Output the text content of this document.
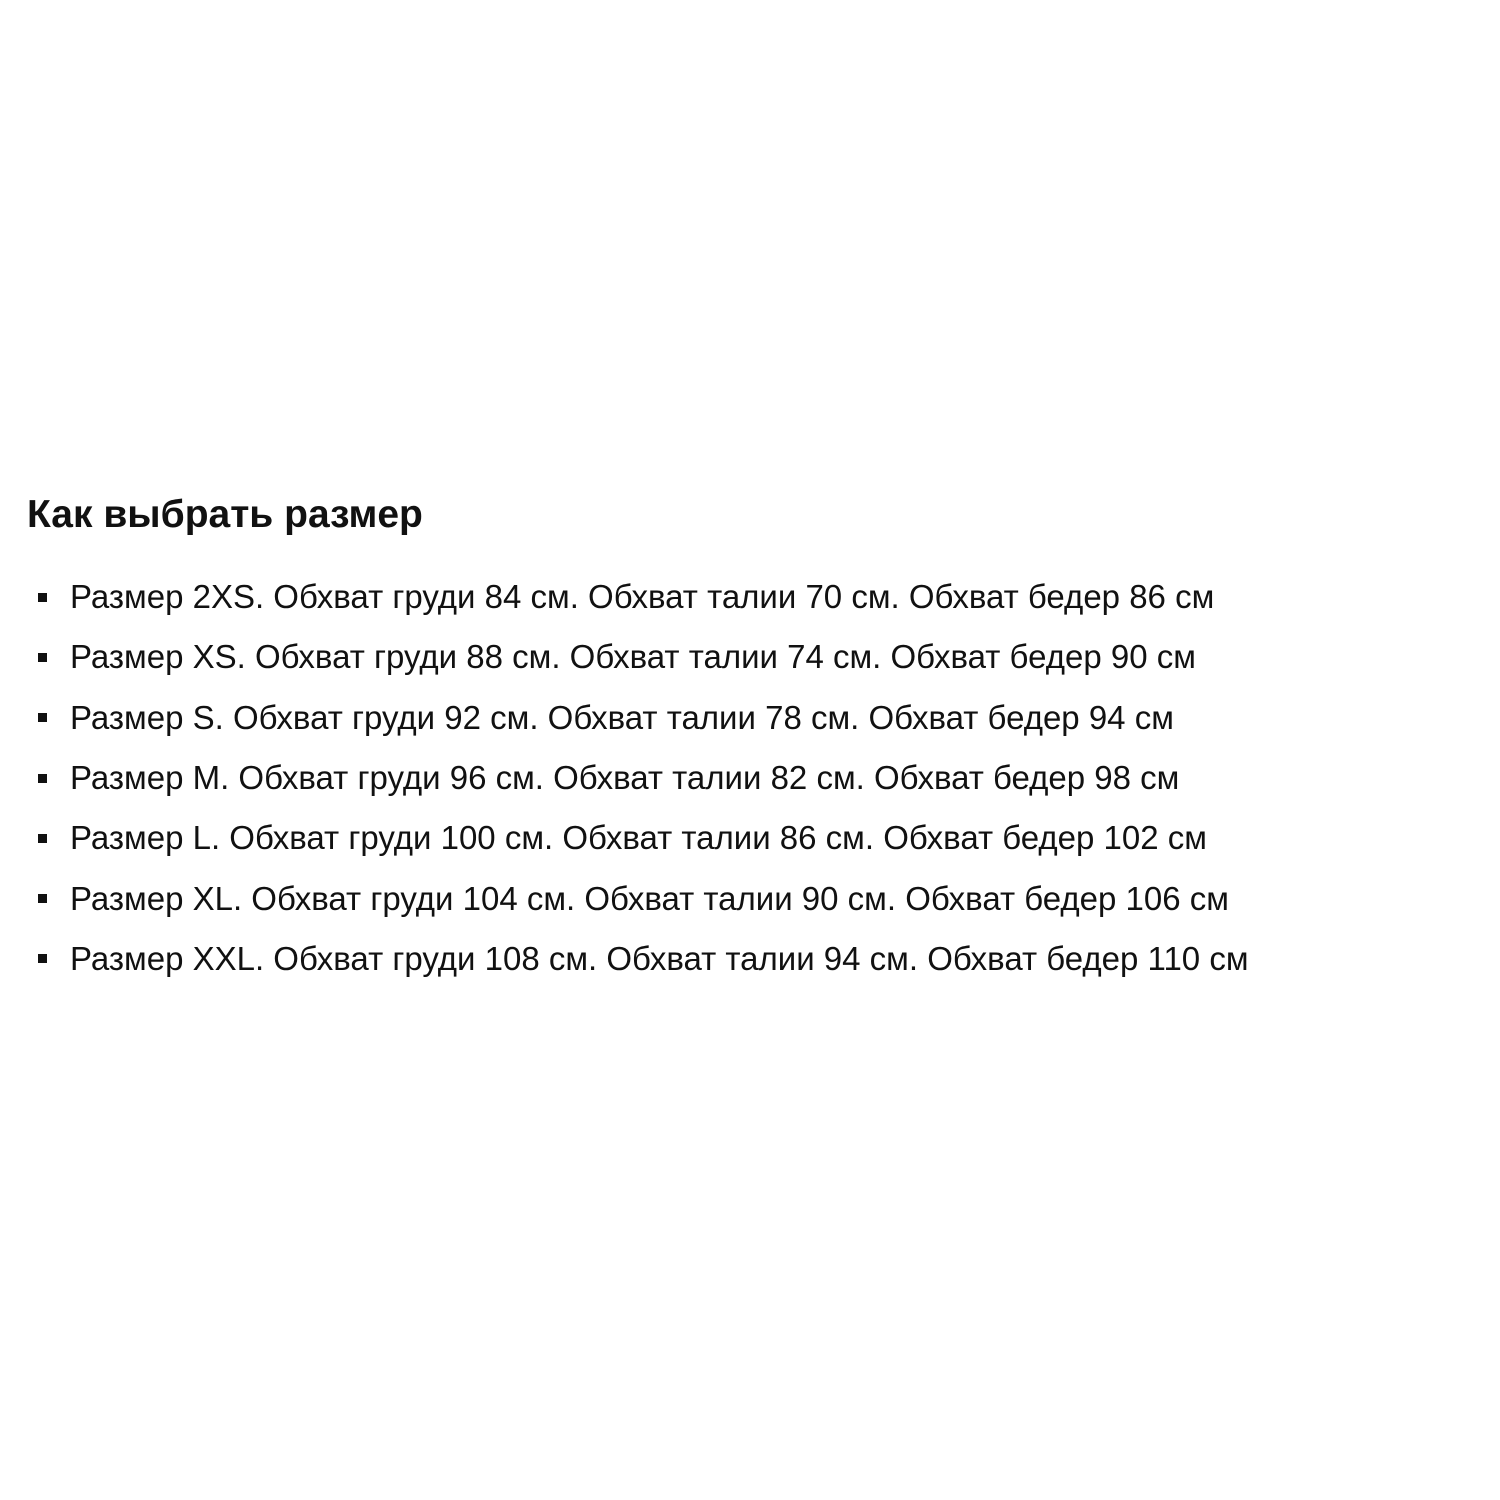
Как выбрать размер
Размер 2XS. Обхват груди 84 см. Обхват талии 70 см. Обхват бедер 86 см
Размер XS. Обхват груди 88 см. Обхват талии 74 см. Обхват бедер 90 см
Размер S. Обхват груди 92 см. Обхват талии 78 см. Обхват бедер 94 см
Размер M. Обхват груди 96 см. Обхват талии 82 см. Обхват бедер 98 см
Размер L. Обхват груди 100 см. Обхват талии 86 см. Обхват бедер 102 см
Размер XL. Обхват груди 104 см. Обхват талии 90 см. Обхват бедер 106 см
Размер XXL. Обхват груди 108 см. Обхват талии 94 см. Обхват бедер 110 см
